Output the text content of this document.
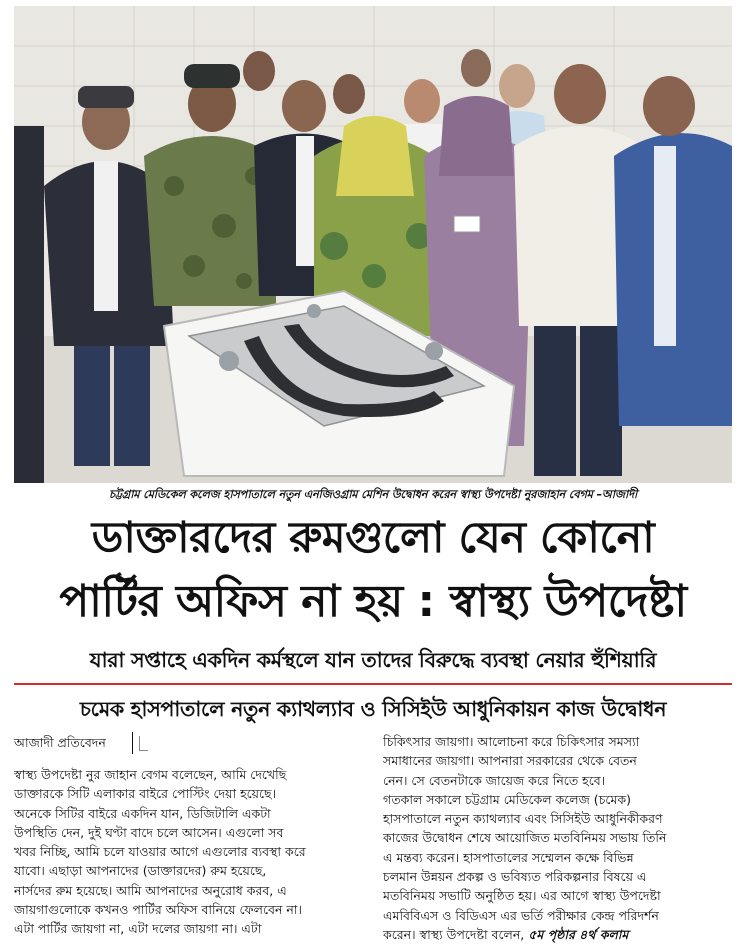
চট্টগ্রাম মেডিকেল কলেজ হাসপাতালে নতুন এনজিওগ্রাম মেশিন উদ্বোধন করেন স্বাস্থ্য উপদেষ্টা নুরজাহান বেগম –আজাদী
ডাক্তারদের রুমগুলো যেন কোনো
পার্টির অফিস না হয় : স্বাস্থ্য উপদেষ্টা
যারা সপ্তাহে একদিন কর্মস্থলে যান তাদের বিরুদ্ধে ব্যবস্থা নেয়ার হুঁশিয়ারি
চমেক হাসপাতালে নতুন ক্যাথল্যাব ও সিসিইউ আধুনিকায়ন কাজ উদ্বোধন
আজাদী প্রতিবেদন

স্বাস্থ্য উপদেষ্টা নুর জাহান বেগম বলেছেন, আমি দেখেছি

ডাক্তারকে সিটি এলাকার বাইরে পোস্টিং দেয়া হয়েছে।

অনেকে সিটির বাইরে একদিন যান, ডিজিটালি একটা

উপস্থিতি দেন, দুই ঘণ্টা বাদে চলে আসেন। এগুলো সব

খবর নিচ্ছি, আমি চলে যাওয়ার আগে এগুলোর ব্যবস্থা করে

যাবো। এছাড়া আপনাদের (ডাক্তারদের) রুম হয়েছে,

নার্সদের রুম হয়েছে। আমি আপনাদের অনুরোধ করব, এ

জায়গাগুলোকে কখনও পার্টির অফিস বানিয়ে ফেলবেন না।

এটা পার্টির জায়গা না, এটা দলের জায়গা না। এটা

চিকিৎসার জায়গা। আলোচনা করে চিকিৎসার সমস্যা

সমাধানের জায়গা। আপনারা সরকারের থেকে বেতন

নেন। সে বেতনটাকে জায়েজ করে নিতে হবে।

গতকাল সকালে চট্টগ্রাম মেডিকেল কলেজ (চমেক)

হাসপাতালে নতুন ক্যাথল্যাব এবং সিসিইউ আধুনিকীকরণ

কাজের উদ্বোধন শেষে আয়োজিত মতবিনিময় সভায় তিনি

এ মন্তব্য করেন। হাসপাতালের সম্মেলন কক্ষে বিভিন্ন

চলমান উন্নয়ন প্রকল্প ও ভবিষ্যত পরিকল্পনার বিষয়ে এ

মতবিনিময় সভাটি অনুষ্ঠিত হয়। এর আগে স্বাস্থ্য উপদেষ্টা

এমবিবিএস ও বিডিএস এর ভর্তি পরীক্ষার কেন্দ্র পরিদর্শন

করেন। স্বাস্থ্য উপদেষ্টা বলেন, ৫ম পৃষ্ঠার ৪র্থ কলাম
